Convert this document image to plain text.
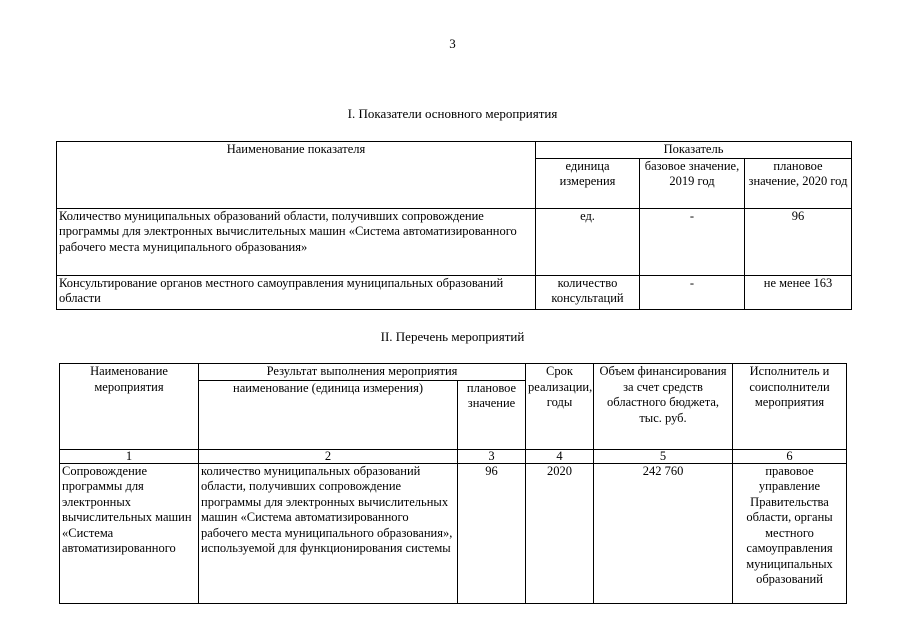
3
I. Показатели основного мероприятия
Наименование показателя	Показатель		
	единица измерения	базовое значение, 2019 год	плановое значение, 2020 год
Количество муниципальных образований области, получивших сопровождение программы для электронных вычислительных машин «Система автоматизированного рабочего места муниципального образования»	ед.	-	96
Консультирование органов местного самоуправления муниципальных образований области	количество консультаций	-	не менее 163
II. Перечень мероприятий
Наименование мероприятия	Результат выполнения мероприятия		Срок реализации, годы	Объем финансирования за счет средств областного бюджета, тыс. руб.	Исполнитель и соисполнители мероприятия
	наименование (единица измерения)	плановое значение			
1	2	3	4	5	6
Сопровождение программы для электронных вычислительных машин «Система автоматизированного	количество муниципальных образований области, получивших сопровождение программы для электронных вычислительных машин «Система автоматизированного рабочего места муниципального образования», используемой для функционирования системы	96	2020	242 760	правовое управление Правительства области, органы местного самоуправления муниципальных образований
